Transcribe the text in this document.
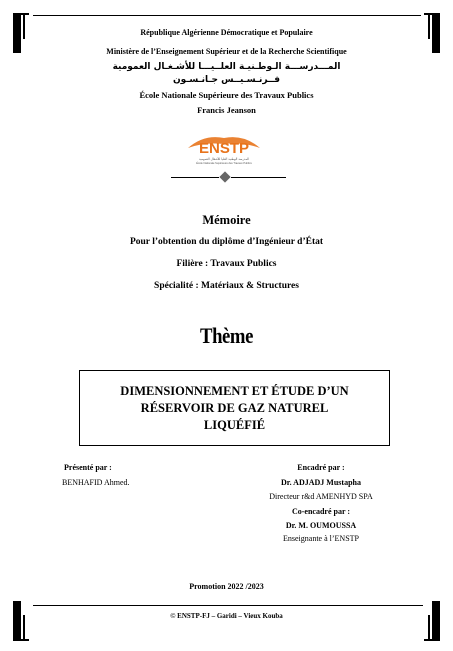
République Algérienne Démocratique et Populaire
Ministère de l’Enseignement Supérieur et de la Recherche Scientifique
المـــدرســـة الـوطـنيـة العلــيـــا للأشـغـال العمومية
فــرنـسـيــس جـانـسـون
École Nationale Supérieure des Travaux Publics
Francis Jeanson
ENSTP
المدرسة الوطنية العليا للأشغال العمومية
École Nationale Supérieure des Travaux Publics
Mémoire
Pour l’obtention du diplôme d’Ingénieur d’État
Filière : Travaux Publics
Spécialité : Matériaux & Structures
Thème
DIMENSIONNEMENT ET ÉTUDE D’UN
RÉSERVOIR DE GAZ NATUREL
LIQUÉFIÉ
Présenté par :
BENHAFID Ahmed.
Encadré par :
Dr. ADJADJ Mustapha
Directeur r&d AMENHYD SPA
Co-encadré par :
Dr. M. OUMOUSSA
Enseignante à l’ENSTP
Promotion 2022 /2023
© ENSTP-FJ – Garidi – Vieux Kouba
